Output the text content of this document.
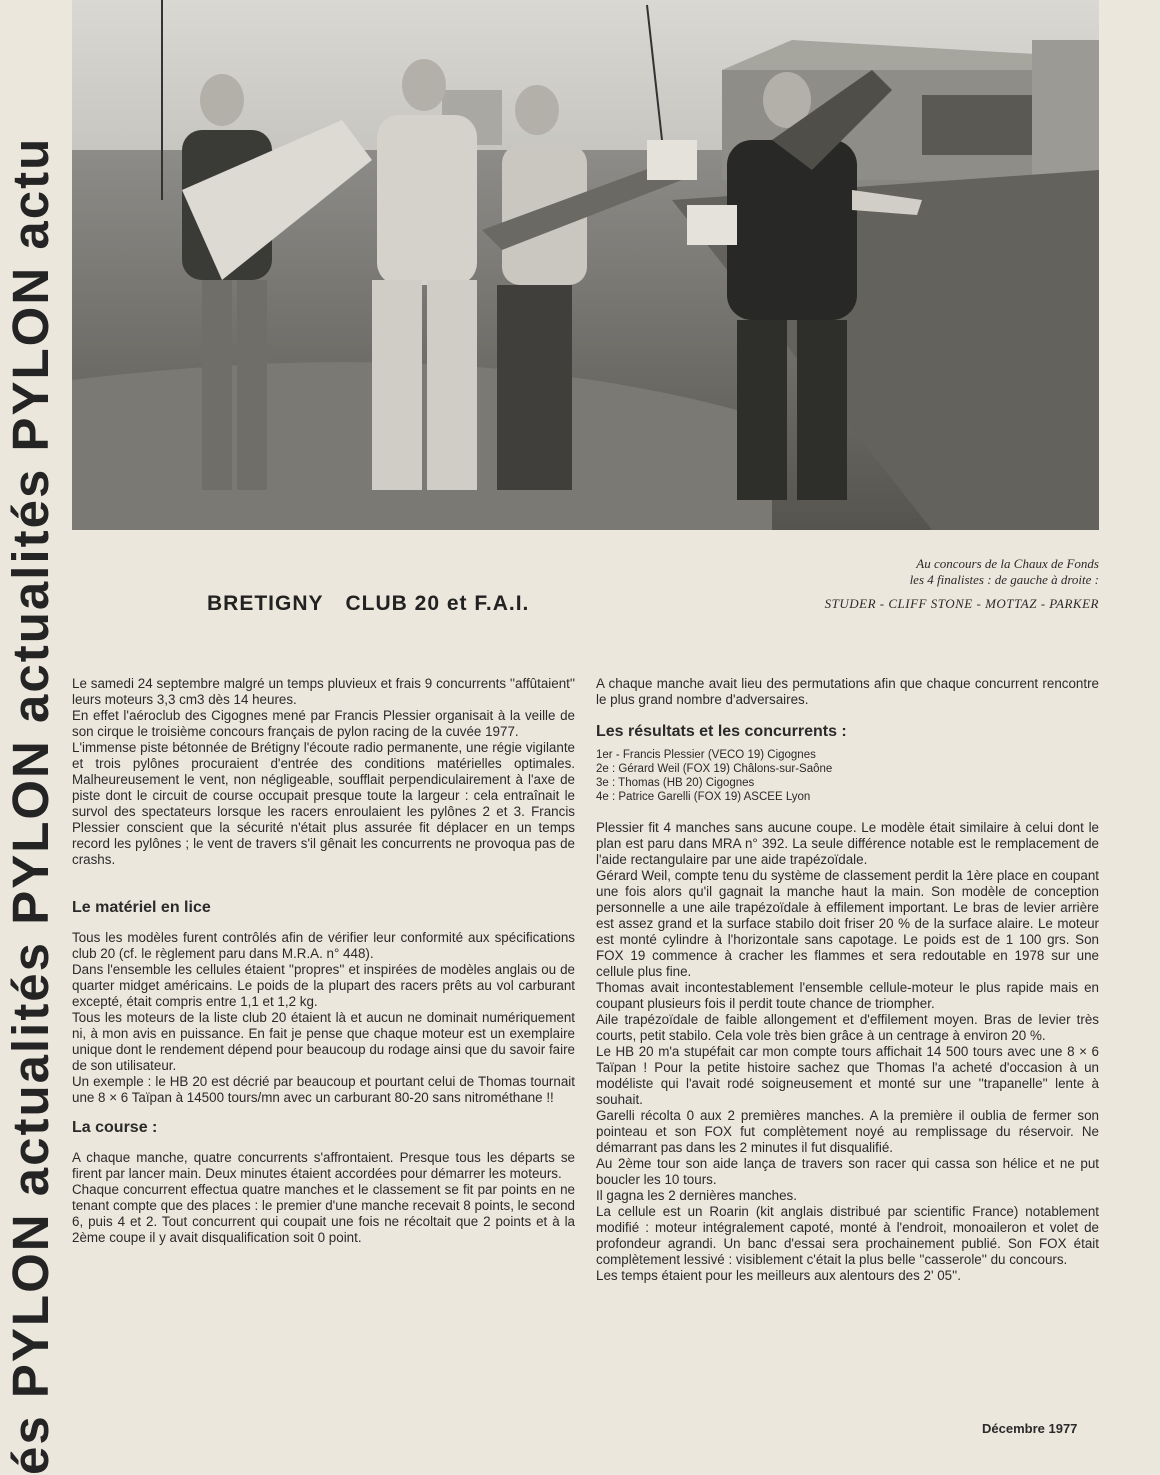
és PYLON actualités PYLON actualités PYLON actu	Au concours de la Chaux de Fonds
les 4 finalistes : de gauche à droite :
STUDER - CLIFF STONE - MOTTAZ - PARKER
BRETIGNY CLUB 20 et F.A.I.

Le samedi 24 septembre malgré un temps pluvieux et frais 9 concurrents ''affûtaient'' leurs moteurs 3,3 cm3 dès 14 heures.

En effet l'aéroclub des Cigognes mené par Francis Plessier organisait à la veille de son cirque le troisième concours français de pylon racing de la cuvée 1977.

L'immense piste bétonnée de Brétigny l'écoute radio permanente, une régie vigilante et trois pylônes procuraient d'entrée des conditions matérielles optimales. Malheureusement le vent, non négligeable, soufflait perpendiculairement à l'axe de piste dont le circuit de course occupait presque toute la largeur : cela entraînait le survol des spectateurs lorsque les racers enroulaient les pylônes 2 et 3. Francis Plessier conscient que la sécurité n'était plus assurée fit déplacer en un temps record les pylônes ; le vent de travers s'il gênait les concurrents ne provoqua pas de crashs.

Le matériel en lice

Tous les modèles furent contrôlés afin de vérifier leur conformité aux spécifications club 20 (cf. le règlement paru dans M.R.A. n° 448).

Dans l'ensemble les cellules étaient ''propres'' et inspirées de modèles anglais ou de quarter midget américains. Le poids de la plupart des racers prêts au vol carburant excepté, était compris entre 1,1 et 1,2 kg.

Tous les moteurs de la liste club 20 étaient là et aucun ne dominait numériquement ni, à mon avis en puissance. En fait je pense que chaque moteur est un exemplaire unique dont le rendement dépend pour beaucoup du rodage ainsi que du savoir faire de son utilisateur.

Un exemple : le HB 20 est décrié par beaucoup et pourtant celui de Thomas tournait une 8 × 6 Taïpan à 14500 tours/mn avec un carburant 80-20 sans nitrométhane !!

La course :

A chaque manche, quatre concurrents s'affrontaient. Presque tous les départs se firent par lancer main. Deux minutes étaient accordées pour démarrer les moteurs.

Chaque concurrent effectua quatre manches et le classement se fit par points en ne tenant compte que des places : le premier d'une manche recevait 8 points, le second 6, puis 4 et 2. Tout concurrent qui coupait une fois ne récoltait que 2 points et à la 2ème coupe il y avait disqualification soit 0 point.

A chaque manche avait lieu des permutations afin que chaque concurrent rencontre le plus grand nombre d'adversaires.

Les résultats et les concurrents :

1er - Francis Plessier (VECO 19) Cigognes
2e : Gérard Weil (FOX 19) Châlons-sur-Saône
3e : Thomas (HB 20) Cigognes
4e : Patrice Garelli (FOX 19) ASCEE Lyon

Plessier fit 4 manches sans aucune coupe. Le modèle était similaire à celui dont le plan est paru dans MRA n° 392. La seule différence notable est le remplacement de l'aide rectangulaire par une aide trapézoïdale.

Gérard Weil, compte tenu du système de classement perdit la 1ère place en coupant une fois alors qu'il gagnait la manche haut la main. Son modèle de conception personnelle a une aile trapézoïdale à effilement important. Le bras de levier arrière est assez grand et la surface stabilo doit friser 20 % de la surface alaire. Le moteur est monté cylindre à l'horizontale sans capotage. Le poids est de 1 100 grs. Son FOX 19 commence à cracher les flammes et sera redoutable en 1978 sur une cellule plus fine.

Thomas avait incontestablement l'ensemble cellule-moteur le plus rapide mais en coupant plusieurs fois il perdit toute chance de triompher.

Aile trapézoïdale de faible allongement et d'effilement moyen. Bras de levier très courts, petit stabilo. Cela vole très bien grâce à un centrage à environ 20 %.

Le HB 20 m'a stupéfait car mon compte tours affichait 14 500 tours avec une 8 × 6 Taïpan ! Pour la petite histoire sachez que Thomas l'a acheté d'occasion à un modéliste qui l'avait rodé soigneusement et monté sur une ''trapanelle'' lente à souhait.

Garelli récolta 0 aux 2 premières manches. A la première il oublia de fermer son pointeau et son FOX fut complètement noyé au remplissage du réservoir. Ne démarrant pas dans les 2 minutes il fut disqualifié.

Au 2ème tour son aide lança de travers son racer qui cassa son hélice et ne put boucler les 10 tours.

Il gagna les 2 dernières manches.

La cellule est un Roarin (kit anglais distribué par scientific France) notablement modifié : moteur intégralement capoté, monté à l'endroit, monoaileron et volet de profondeur agrandi. Un banc d'essai sera prochainement publié. Son FOX était complètement lessivé : visiblement c'était la plus belle ''casserole'' du concours.

Les temps étaient pour les meilleurs aux alentours des 2' 05''.

Décembre 1977
